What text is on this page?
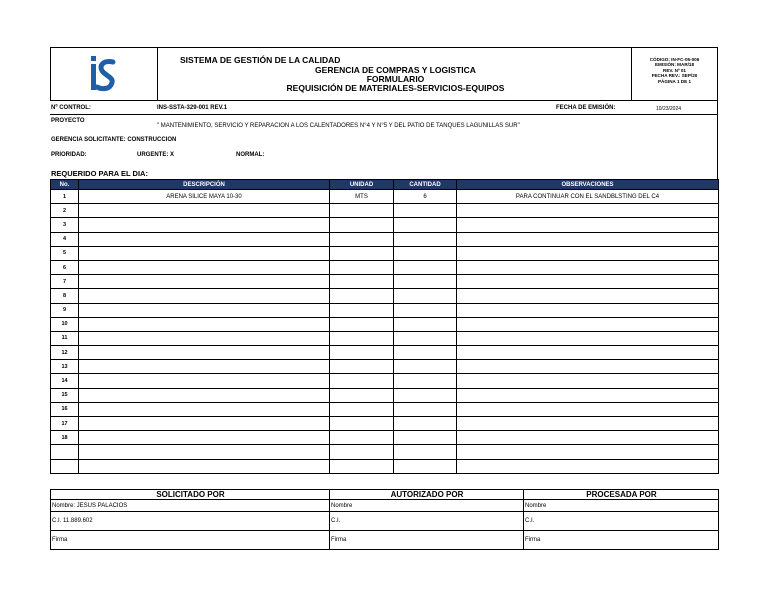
SISTEMA DE GESTIÓN DE LA CALIDAD
GERENCIA DE COMPRAS Y LOGISTICA
FORMULARIO
REQUISICIÓN DE MATERIALES-SERVICIOS-EQUIPOS
CÓDIGO: IN-FC-05-006
EMISIÓN: MAR/18
REV. Nº 01
FECHA REV.: SEP/20
PÁGINA 1 DE 1
Nº CONTROL:	INS-SSTA-329-001 REV.1	FECHA DE EMISIÓN:	10/23/2024
PROYECTO
" MANTENIMIENTO, SERVICIO Y REPARACION A LOS CALENTADORES N°4 Y N°5 Y DEL PATIO DE TANQUES LAGUNILLAS SUR"
GERENCIA SOLICITANTE: CONSTRUCCION
PRIORIDAD:	URGENTE: X	NORMAL:
REQUERIDO PARA EL DIA:
No.	DESCRIPCIÓN	UNIDAD	CANTIDAD	OBSERVACIONES
1	ARENA SILICE MAYA 10-30	MTS	6	PARA CONTINUAR CON EL SANDBLSTING DEL C4
2				
3				
4				
5				
6				
7				
8				
9				
10				
11				
12				
13				
14				
15				
16				
17				
18				

SOLICITADO POR	AUTORIZADO POR	PROCESADA POR
Nombre: JESUS PALACIOS	Nombre	Nombre
C.I. 11.889.602	C.I.	C.I.
Firma	Firma	Firma
